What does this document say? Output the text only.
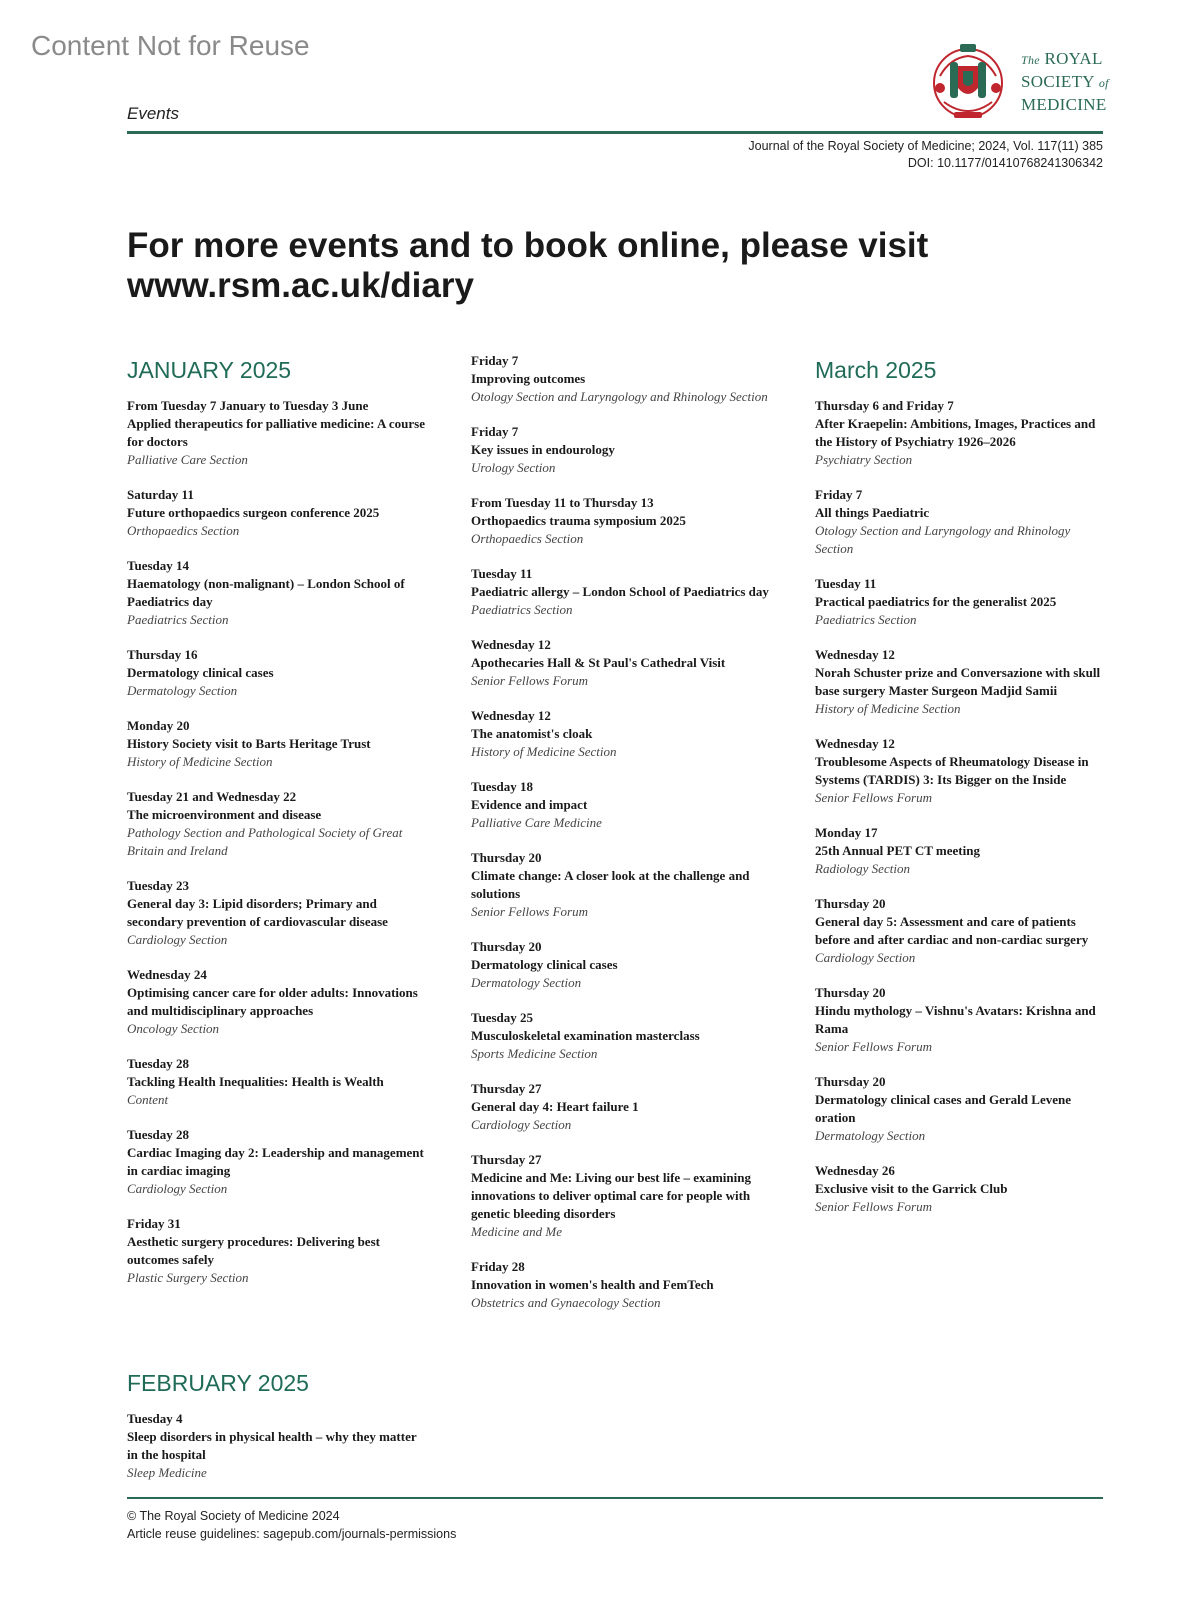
Content Not for Reuse
Events
The ROYAL
SOCIETY of
MEDICINE
Journal of the Royal Society of Medicine; 2024, Vol. 117(11) 385
DOI: 10.1177/01410768241306342
For more events and to book online, please visit
www.rsm.ac.uk/diary
JANUARY 2025
From Tuesday 7 January to Tuesday 3 June
Applied therapeutics for palliative medicine: A course for doctors
Palliative Care Section
Saturday 11
Future orthopaedics surgeon conference 2025
Orthopaedics Section
Tuesday 14
Haematology (non-malignant) – London School of Paediatrics day
Paediatrics Section
Thursday 16
Dermatology clinical cases
Dermatology Section
Monday 20
History Society visit to Barts Heritage Trust
History of Medicine Section
Tuesday 21 and Wednesday 22
The microenvironment and disease
Pathology Section and Pathological Society of Great Britain and Ireland
Tuesday 23
General day 3: Lipid disorders; Primary and secondary prevention of cardiovascular disease
Cardiology Section
Wednesday 24
Optimising cancer care for older adults: Innovations and multidisciplinary approaches
Oncology Section
Tuesday 28
Tackling Health Inequalities: Health is Wealth
Content
Tuesday 28
Cardiac Imaging day 2: Leadership and management in cardiac imaging
Cardiology Section
Friday 31
Aesthetic surgery procedures: Delivering best outcomes safely
Plastic Surgery Section
FEBRUARY 2025
Tuesday 4
Sleep disorders in physical health – why they matter in the hospital
Sleep Medicine
Friday 7
Improving outcomes
Otology Section and Laryngology and Rhinology Section
Friday 7
Key issues in endourology
Urology Section
From Tuesday 11 to Thursday 13
Orthopaedics trauma symposium 2025
Orthopaedics Section
Tuesday 11
Paediatric allergy – London School of Paediatrics day
Paediatrics Section
Wednesday 12
Apothecaries Hall & St Paul's Cathedral Visit
Senior Fellows Forum
Wednesday 12
The anatomist's cloak
History of Medicine Section
Tuesday 18
Evidence and impact
Palliative Care Medicine
Thursday 20
Climate change: A closer look at the challenge and solutions
Senior Fellows Forum
Thursday 20
Dermatology clinical cases
Dermatology Section
Tuesday 25
Musculoskeletal examination masterclass
Sports Medicine Section
Thursday 27
General day 4: Heart failure 1
Cardiology Section
Thursday 27
Medicine and Me: Living our best life – examining innovations to deliver optimal care for people with genetic bleeding disorders
Medicine and Me
Friday 28
Innovation in women's health and FemTech
Obstetrics and Gynaecology Section
March 2025
Thursday 6 and Friday 7
After Kraepelin: Ambitions, Images, Practices and the History of Psychiatry 1926–2026
Psychiatry Section
Friday 7
All things Paediatric
Otology Section and Laryngology and Rhinology Section
Tuesday 11
Practical paediatrics for the generalist 2025
Paediatrics Section
Wednesday 12
Norah Schuster prize and Conversazione with skull base surgery Master Surgeon Madjid Samii
History of Medicine Section
Wednesday 12
Troublesome Aspects of Rheumatology Disease in Systems (TARDIS) 3: Its Bigger on the Inside
Senior Fellows Forum
Monday 17
25th Annual PET CT meeting
Radiology Section
Thursday 20
General day 5: Assessment and care of patients before and after cardiac and non-cardiac surgery
Cardiology Section
Thursday 20
Hindu mythology – Vishnu's Avatars: Krishna and Rama
Senior Fellows Forum
Thursday 20
Dermatology clinical cases and Gerald Levene oration
Dermatology Section
Wednesday 26
Exclusive visit to the Garrick Club
Senior Fellows Forum
© The Royal Society of Medicine 2024
Article reuse guidelines: sagepub.com/journals-permissions
